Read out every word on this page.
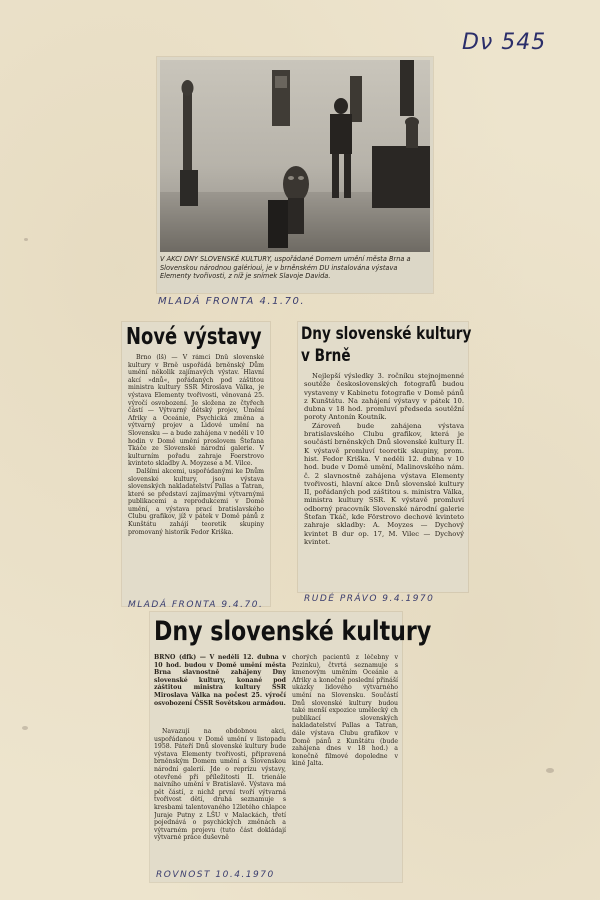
Dν 545
V AKCI DNY SLOVENSKÉ KULTURY, uspořádané Domem umění města Brna a Slovenskou národnou galérioui, je v brněnském DU instalována výstava Elementy tvořivosti, z níž je snímek Slavoje Davida.
MLADÁ FRONTA 4.1.70.
Nové výstavy

Brno (lš) — V rámci Dnů slovenské kultury v Brně uspořádá brněnský Dům umění několik zajímavých výstav. Hlavní akcí »dnů«, pořádaných pod záštitou ministra kultury SSR Miroslava Válka, je výstava Elementy tvořivosti, věnovaná 25. výročí osvobození. Je složena ze čtyřech částí — Výtvarný dětský projev, Umění Afriky a Oceánie, Psychická změna a výtvarný projev a Lidové umění na Slovensku — a bude zahájena v neděli v 10 hodin v Domě umění proslovem Štefana Tkáče ze Slovenské národní galerie. V kulturním pořadu zahraje Foerstrovo kvinteto skladby A. Moyzese a M. Vilce.

Dalšími akcemi, uspořádanými ke Dnům slovenské kultury, jsou výstava slovenských nakladatelství Pallas a Tatran, které se představí zajímavými výtvarnými publikacemi a reprodukcemi v Domě umění, a výstava prací bratislavského Clubu grafikov, jíž v pátek v Domě pánů z Kunštátu zahájí teoretik skupiny promovaný historik Fedor Kriška.

MLADÁ FRONTA 9.4.70.
Dny slovenské kultury
v Brně

Nejlepší výsledky 3. ročníku stejnojmenné soutěže československých fotografů budou vystaveny v Kabinetu fotografie v Domě pánů z Kunštátu. Na zahájení výstavy v pátek 10. dubna v 18 hod. promluví předseda soutěžní poroty Antonín Koutník.

Zároveň bude zahájena výstava bratislavského Clubu grafikov, která je součástí brněnských Dnů slovenské kultury II. K výstavě promluví teoretik skupiny, prom. hist. Fedor Kriška. V neděli 12. dubna v 10 hod. bude v Domě umění, Malinovského nám. č. 2 slavnostně zahájena výstava Elementy tvořivosti, hlavní akce Dnů slovenské kultury II, pořádaných pod záštitou s. ministra Válka, ministra kultury SSR. K výstavě promluví odborný pracovník Slovenské národní galerie Štefan Tkáč, kde Förstrovo dechové kvinteto zahraje skladby: A. Moyzes — Dychový kvintet B dur op. 17, M. Vilec — Dychový kvintet.

RUDÉ PRÁVO 9.4.1970
Dny slovenské kultury
BRNO (dfk) — V neděli 12. dubna v 10 hod. budou v Domě umění města Brna slavnostně zahájeny Dny slovenské kultury, konané pod záštitou ministra kultury SSR Miroslava Válka na počest 25. výročí osvobození ČSSR Sovětskou armádou.
Navazují na obdobnou akci, uspořádanou v Domě umění v listopadu 1958. Páteří Dnů slovenské kultury bude výstava Elementy tvořivosti, připravená brněnským Domem umění a Slovenskou národní galerií. Jde o reprízu výstavy, otevřené při příležitosti II. trienále naivního umění v Bratislavě. Výstava má pět částí, z nichž první tvoří výtvarná tvořivost dětí, druhá seznamuje s kresbami talentovaného 12letého chlapce Juraje Putny z LŠU v Malackách, třetí pojednává o psychických změnách a výtvarném projevu (tuto část dokládají výtvarné práce duševně
chorých pacientů z léčebny v Pezinku), čtvrtá seznamuje s kmenovým uměním Oceánie a Afriky a konečně poslední přináší ukázky lidového výtvarného umění na Slovensku. Součástí Dnů slovenské kultury budou také menší expozice umělecký ch publikací slovenských nakladatelství Pallas a Tatran, dále výstava Clubu grafikov v Domě pánů z Kunštátu (bude zahájena dnes v 18 hod.) a konečně filmové dopoledne v kině Jalta.
ROVNOST 10.4.1970
